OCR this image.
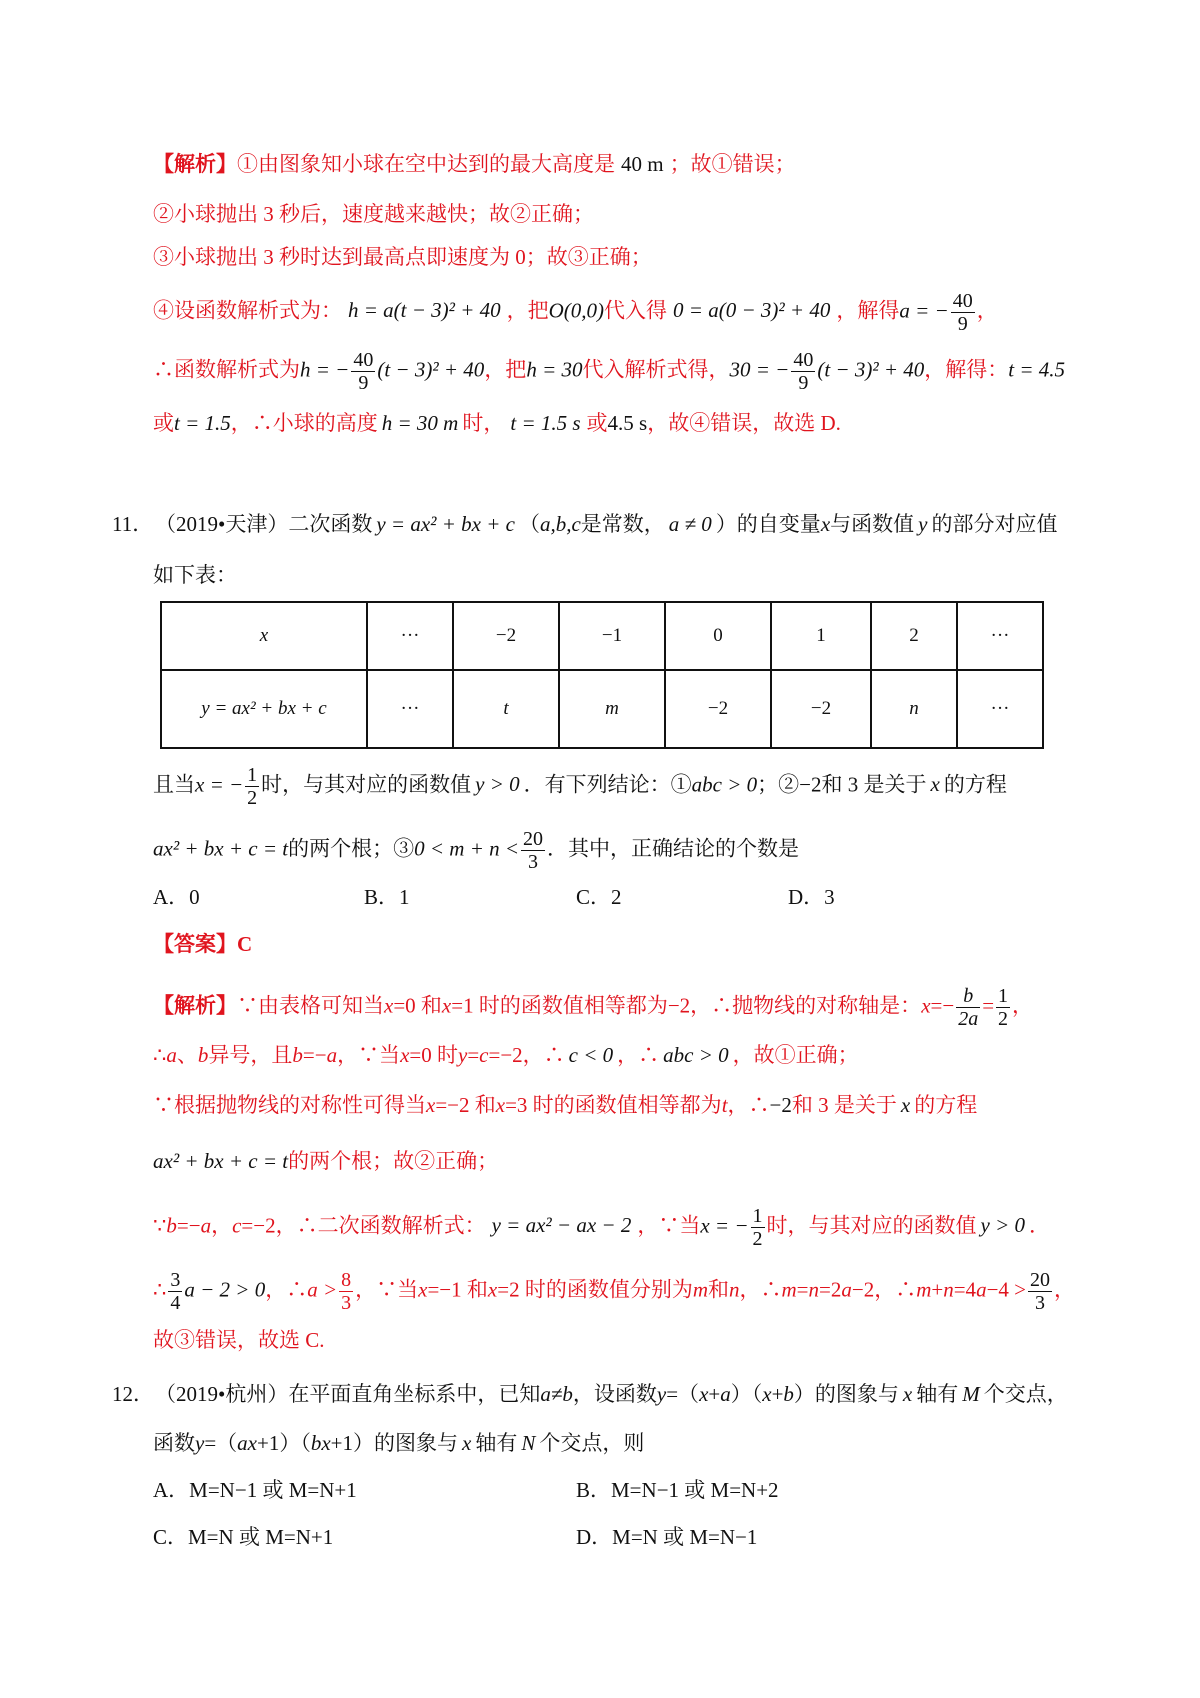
【解析】①由图象知小球在空中达到的最大高度是 40 m ；故①错误；
②小球抛出 3 秒后，速度越来越快；故②正确；
③小球抛出 3 秒时达到最高点即速度为 0；故③正确；
④设函数解析式为： h = a(t − 3)² + 40 ，把O(0,0)代入得 0 = a(0 − 3)² + 40 ，解得a = − $\frac{40}{9}$ ，
∴函数解析式为h = − $\frac{40}{9} (t - 3)^2 + 40$，把h = 30代入解析式得，30 = − $\frac{40}{9} (t - 3)^2 + 40$，解得：t = 4.5
或t = 1.5，∴小球的高度 h = 30 m 时， t = 1.5 s 或4.5 s，故④错误，故选 D.
11． （2019•天津）二次函数 y = ax² + bx + c （a,b,c是常数， a ≠ 0 ）的自变量x与函数值 y 的部分对应值
如下表：
x	···	−2	−1	0	1	2	···
y = ax² + bx + c	···	t	m	−2	−2	n	···
且当x = − $\frac{1}{2}$ 时，与其对应的函数值 y > 0 ．有下列结论：①abc > 0；②−2和 3 是关于 x 的方程
ax² + bx + c = t的两个根；③0 < $m + n < \frac{20}{3}$ ．其中，正确结论的个数是
A．0	B．1	C．2	D．3
【答案】C
【解析】∵由表格可知当x=0 和x=1 时的函数值相等都为−2，∴抛物线的对称轴是：$x=- \frac{b}{2a} = \frac{1}{2}$ ，
∴a、b异号，且b=−a，∵当x=0 时y=c=−2，∴ c < 0 ，∴ abc > 0 ，故①正确；
∵根据抛物线的对称性可得当x=−2 和x=3 时的函数值相等都为t，∴−2和 3 是关于 x 的方程
ax² + bx + c = t的两个根；故②正确；
∵b=−a，c=−2，∴二次函数解析式： y = ax² − ax − 2 ，∵当x = − $\frac{1}{2}$ 时，与其对应的函数值 y > 0 ．
∴ $\frac{3}{4}$ a − 2 > 0，∴a > $\frac{8}{3}$ ，∵当x=−1 和x=2 时的函数值分别为m和n，∴m=n=2a−2，∴m+n=4a−4 > $\frac{20}{3}$ ，
故③错误，故选 C.
12． （2019•杭州）在平面直角坐标系中，已知a≠b，设函数y=（x+a）（x+b）的图象与 x 轴有 M 个交点，
函数y=（ax+1）（bx+1）的图象与 x 轴有 N 个交点，则
A．M=N−1 或 M=N+1	B．M=N−1 或 M=N+2
C．M=N 或 M=N+1	D．M=N 或 M=N−1
